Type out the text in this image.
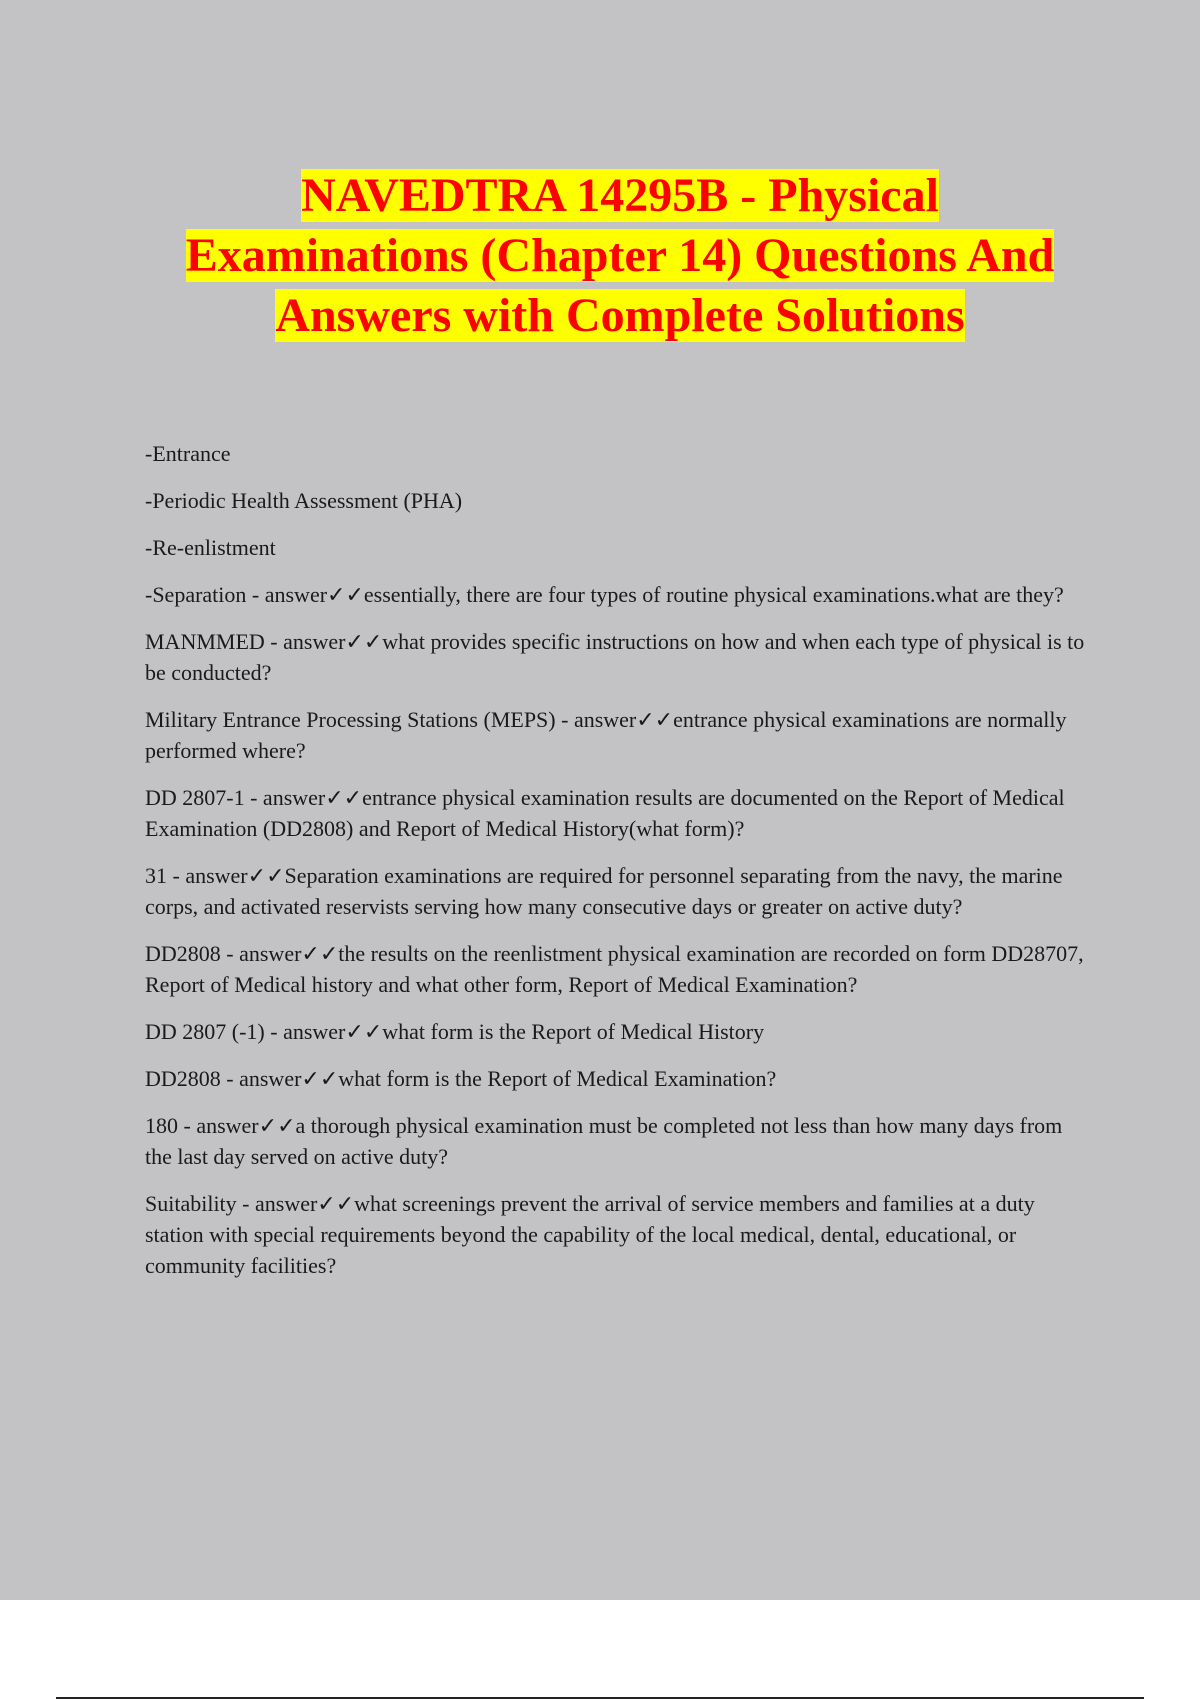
NAVEDTRA 14295B - Physical
Examinations (Chapter 14) Questions And
Answers with Complete Solutions

-Entrance

-Periodic Health Assessment (PHA)

-Re-enlistment

-Separation - answer✓✓essentially, there are four types of routine physical examinations.what are they?

MANMMED - answer✓✓what provides specific instructions on how and when each type of physical is to be conducted?

Military Entrance Processing Stations (MEPS) - answer✓✓entrance physical examinations are normally performed where?

DD 2807-1 - answer✓✓entrance physical examination results are documented on the Report of Medical Examination (DD2808) and Report of Medical History(what form)?

31 - answer✓✓Separation examinations are required for personnel separating from the navy, the marine corps, and activated reservists serving how many consecutive days or greater on active duty?

DD2808 - answer✓✓the results on the reenlistment physical examination are recorded on form DD28707, Report of Medical history and what other form, Report of Medical Examination?

DD 2807 (-1) - answer✓✓what form is the Report of Medical History

DD2808 - answer✓✓what form is the Report of Medical Examination?

180 - answer✓✓a thorough physical examination must be completed not less than how many days from the last day served on active duty?

Suitability - answer✓✓what screenings prevent the arrival of service members and families at a duty station with special requirements beyond the capability of the local medical, dental, educational, or community facilities?
